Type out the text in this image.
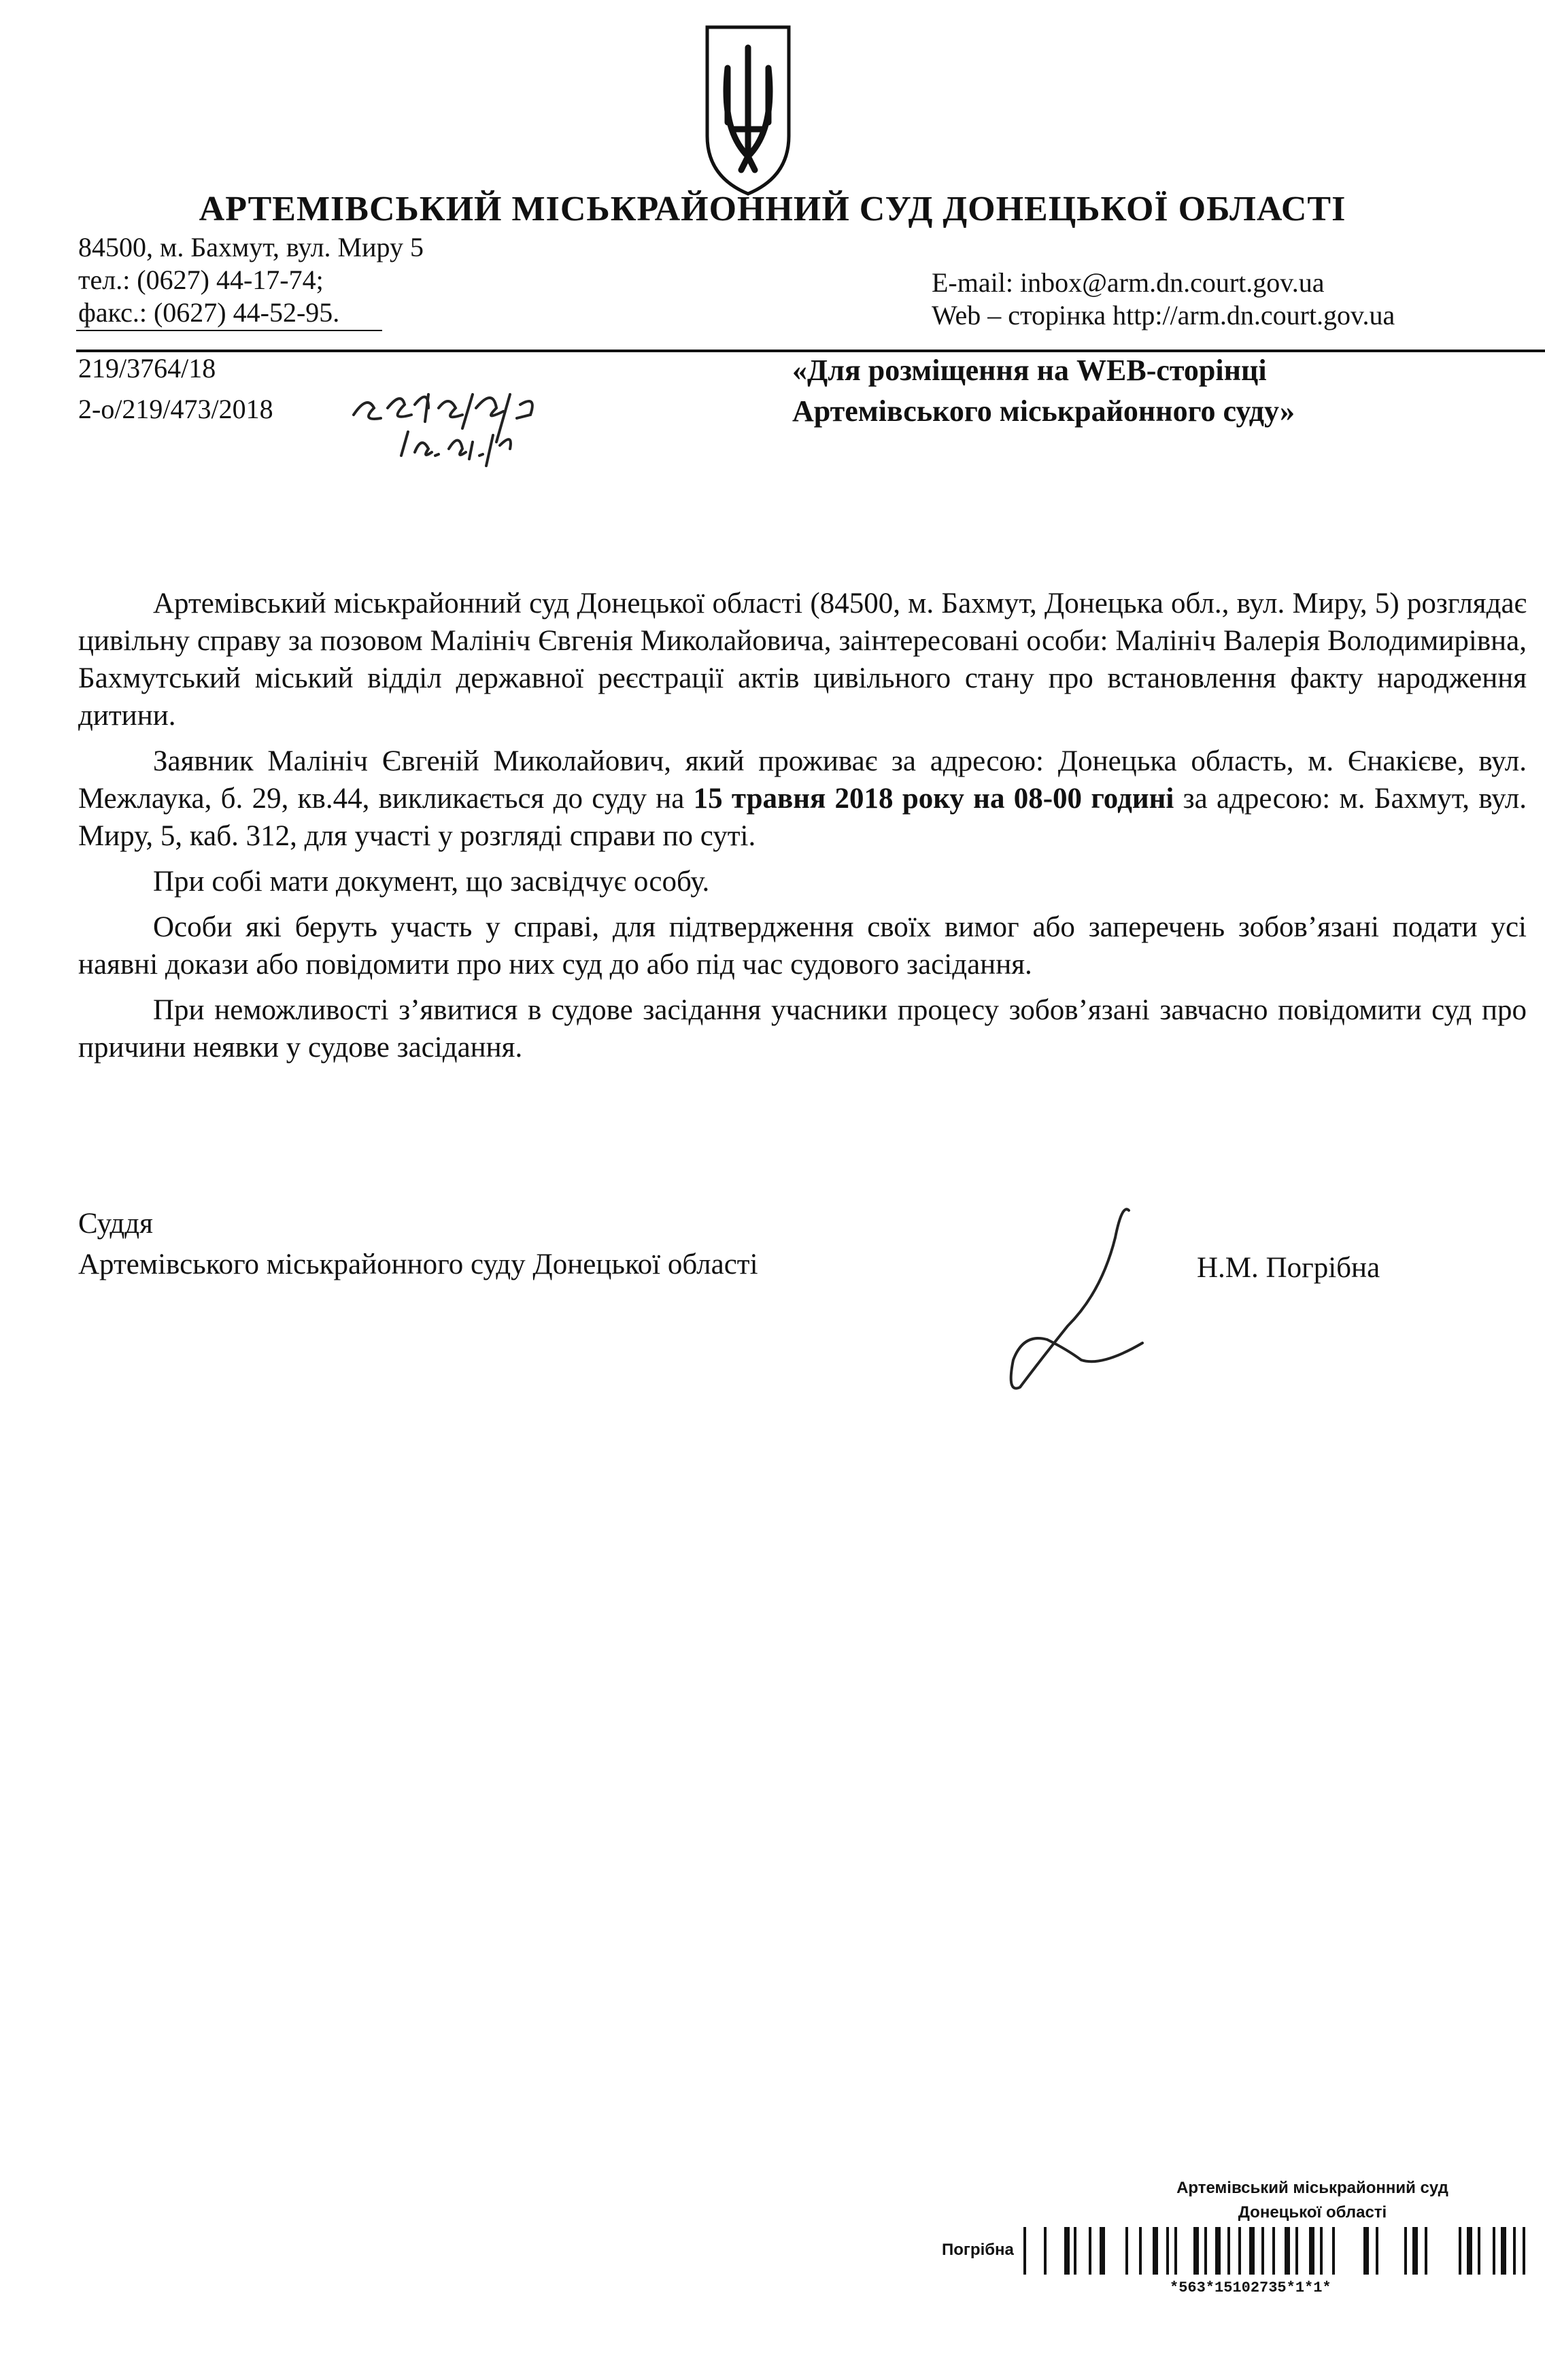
АРТЕМІВСЬКИЙ МІСЬКРАЙОННИЙ СУД ДОНЕЦЬКОЇ ОБЛАСТІ
84500, м. Бахмут, вул. Миру 5
тел.: (0627) 44-17-74;
факс.: (0627) 44-52-95.
E-mail: inbox@arm.dn.court.gov.ua
Web – сторінка http://arm.dn.court.gov.ua
219/3764/18
2-о/219/473/2018
«Для розміщення на WEB-сторінці
Артемівського міськрайонного суду»

Артемівський міськрайонний суд Донецької області (84500, м. Бахмут, Донецька обл., вул. Миру, 5) розглядає цивільну справу за позовом Малініч Євгенія Миколайовича, заінтересовані особи: Малініч Валерія Володимирівна, Бахмутський міський відділ державної реєстрації актів цивільного стану про встановлення факту народження дитини.

Заявник Малініч Євгеній Миколайович, який проживає за адресою: Донецька область, м. Єнакієве, вул. Межлаука, б. 29, кв.44, викликається до суду на 15 травня 2018 року на 08-00 годині за адресою: м. Бахмут, вул. Миру, 5, каб. 312, для участі у розгляді справи по суті.

При собі мати документ, що засвідчує особу.

Особи які беруть участь у справі, для підтвердження своїх вимог або заперечень зобов’язані подати усі наявні докази або повідомити про них суд до або під час судового засідання.

При неможливості з’явитися в судове засідання учасники процесу зобов’язані завчасно повідомити суд про причини неявки у судове засідання.

Суддя
Артемівського міськрайонного суду Донецької області	Н.М. Погрібна
Артемівський міськрайонний суд
Донецької області
Погрібна
*563*15102735*1*1*
